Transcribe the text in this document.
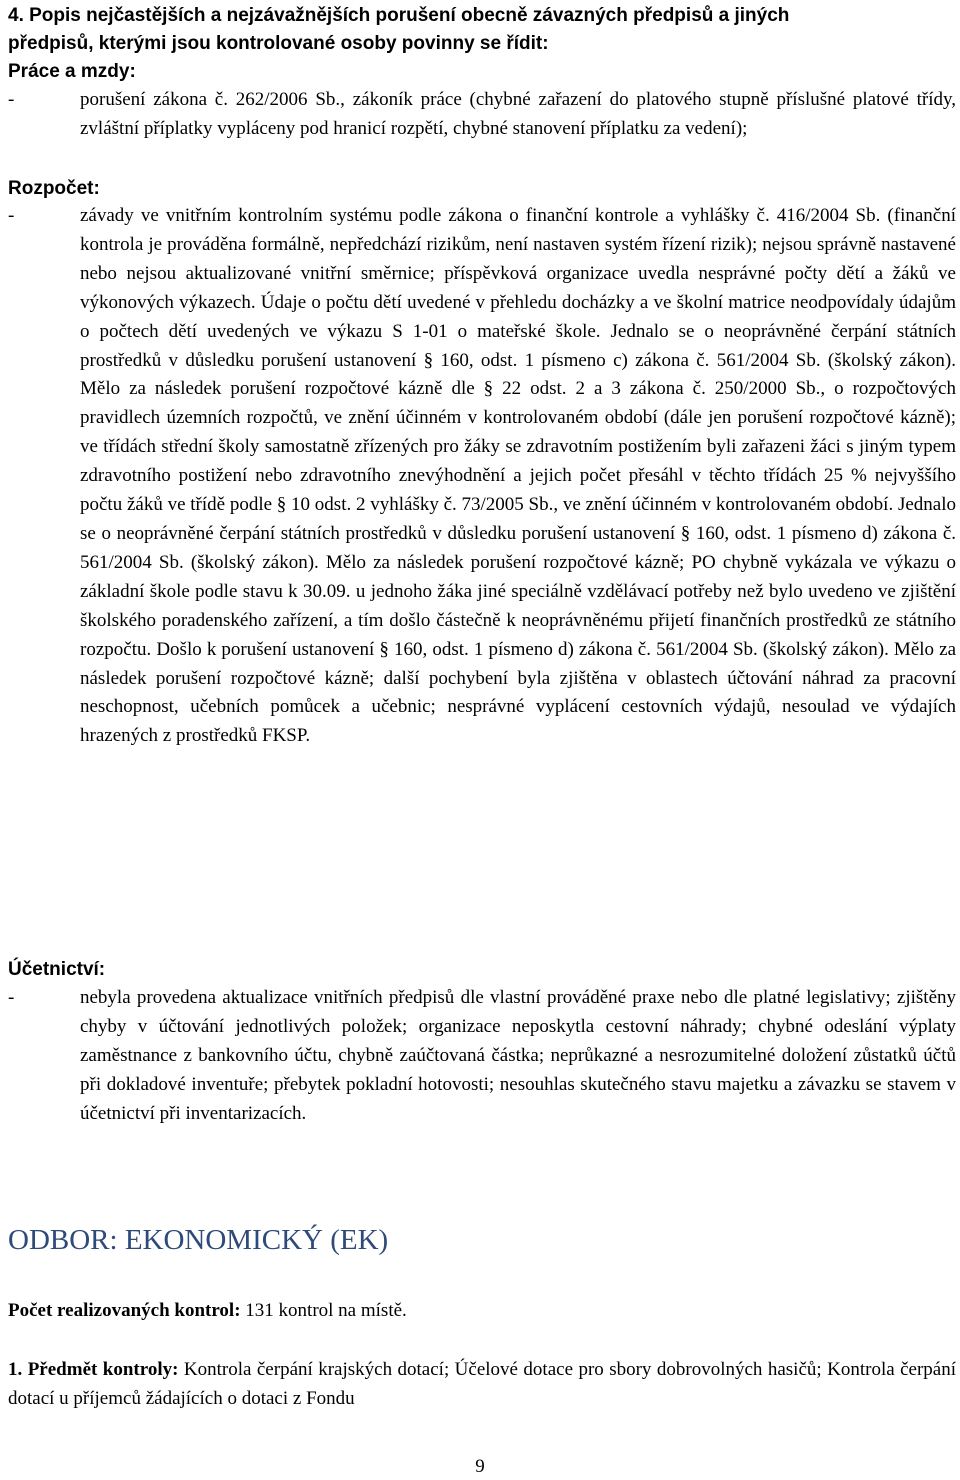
4. Popis nejčastějších a nejzávažnějších porušení obecně závazných předpisů a jiných
předpisů, kterými jsou kontrolované osoby povinny se řídit:
Práce a mzdy:
-	porušení zákona č. 262/2006 Sb., zákoník práce (chybné zařazení do platového stupně příslušné platové třídy, zvláštní příplatky vypláceny pod hranicí rozpětí, chybné stanovení příplatku za vedení);
Rozpočet:
-	závady ve vnitřním kontrolním systému podle zákona o finanční kontrole a vyhlášky č. 416/2004 Sb. (finanční kontrola je prováděna formálně, nepředchází rizikům, není nastaven systém řízení rizik); nejsou správně nastavené nebo nejsou aktualizované vnitřní směrnice; příspěvková organizace uvedla nesprávné počty dětí a žáků ve výkonových výkazech. Údaje o počtu dětí uvedené v přehledu docházky a ve školní matrice neodpovídaly údajům o počtech dětí uvedených ve výkazu S 1-01 o mateřské škole. Jednalo se o neoprávněné čerpání státních prostředků v důsledku porušení ustanovení § 160, odst. 1 písmeno c) zákona č. 561/2004 Sb. (školský zákon). Mělo za následek porušení rozpočtové kázně dle § 22 odst. 2 a 3 zákona č. 250/2000 Sb., o rozpočtových pravidlech územních rozpočtů, ve znění účinném v kontrolovaném období (dále jen porušení rozpočtové kázně); ve třídách střední školy samostatně zřízených pro žáky se zdravotním postižením byli zařazeni žáci s jiným typem zdravotního postižení nebo zdravotního znevýhodnění a jejich počet přesáhl v těchto třídách 25 % nejvyššího počtu žáků ve třídě podle § 10 odst. 2 vyhlášky č. 73/2005 Sb., ve znění účinném v kontrolovaném období. Jednalo se o neoprávněné čerpání státních prostředků v důsledku porušení ustanovení § 160, odst. 1 písmeno d) zákona č. 561/2004 Sb. (školský zákon). Mělo za následek porušení rozpočtové kázně; PO chybně vykázala ve výkazu o základní škole podle stavu k 30.09. u jednoho žáka jiné speciálně vzdělávací potřeby než bylo uvedeno ve zjištění školského poradenského zařízení, a tím došlo částečně k neoprávněnému přijetí finančních prostředků ze státního rozpočtu. Došlo k porušení ustanovení § 160, odst. 1 písmeno d) zákona č. 561/2004 Sb. (školský zákon). Mělo za následek porušení rozpočtové kázně; další pochybení byla zjištěna v oblastech účtování náhrad za pracovní neschopnost, učebních pomůcek a učebnic; nesprávné vyplácení cestovních výdajů, nesoulad ve výdajích hrazených z prostředků FKSP.
Účetnictví:
-	nebyla provedena aktualizace vnitřních předpisů dle vlastní prováděné praxe nebo dle platné legislativy; zjištěny chyby v účtování jednotlivých položek; organizace neposkytla cestovní náhrady; chybné odeslání výplaty zaměstnance z bankovního účtu, chybně zaúčtovaná částka; neprůkazné a nesrozumitelné doložení zůstatků účtů při dokladové inventuře; přebytek pokladní hotovosti; nesouhlas skutečného stavu majetku a závazku se stavem v účetnictví při inventarizacích.
ODBOR: EKONOMICKÝ (EK)
Počet realizovaných kontrol: 131 kontrol na místě.
1. Předmět kontroly: Kontrola čerpání krajských dotací; Účelové dotace pro sbory dobrovolných hasičů; Kontrola čerpání dotací u příjemců žádajících o dotaci z Fondu
9
